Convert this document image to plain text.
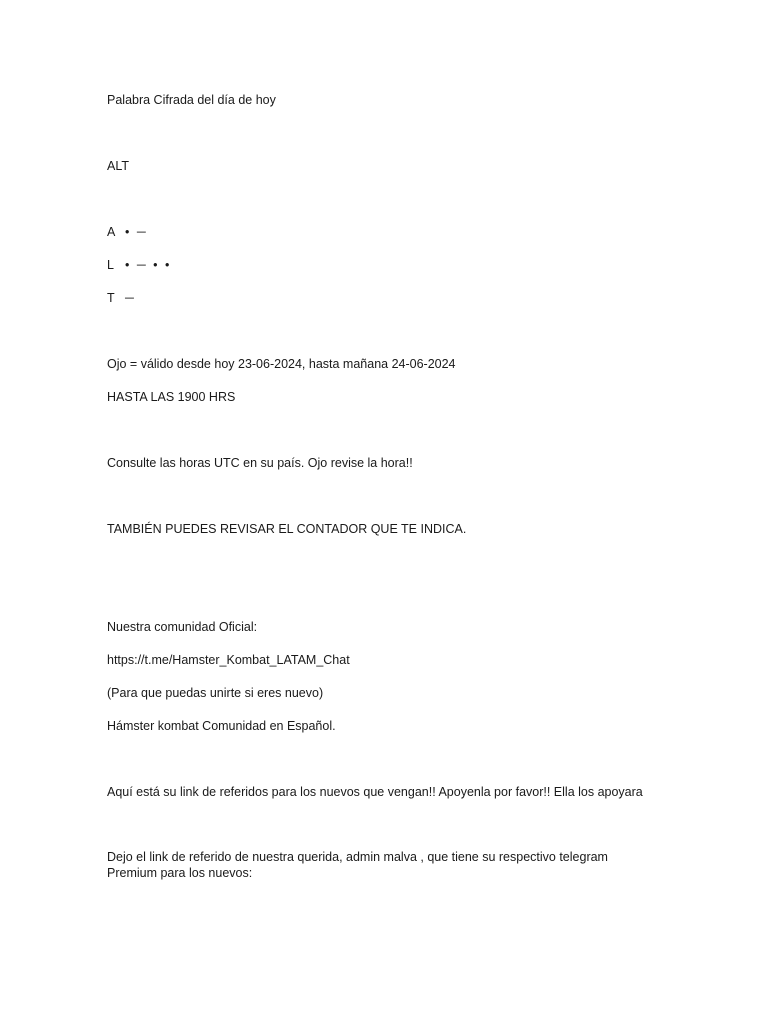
Palabra Cifrada del día de hoy
ALT
A • ─
L • ─ • •
T ─
Ojo = válido desde hoy 23-06-2024, hasta mañana 24-06-2024
HASTA LAS 1900 HRS
Consulte las horas UTC en su país. Ojo revise la hora!!
TAMBIÉN PUEDES REVISAR EL CONTADOR QUE TE INDICA.
Nuestra comunidad Oficial:
https://t.me/Hamster_Kombat_LATAM_Chat
(Para que puedas unirte si eres nuevo)
Hámster kombat Comunidad en Español.
Aquí está su link de referidos para los nuevos que vengan!! Apoyenla por favor!! Ella los apoyara
Dejo el link de referido de nuestra querida, admin malva , que tiene su respectivo telegram Premium para los nuevos:
